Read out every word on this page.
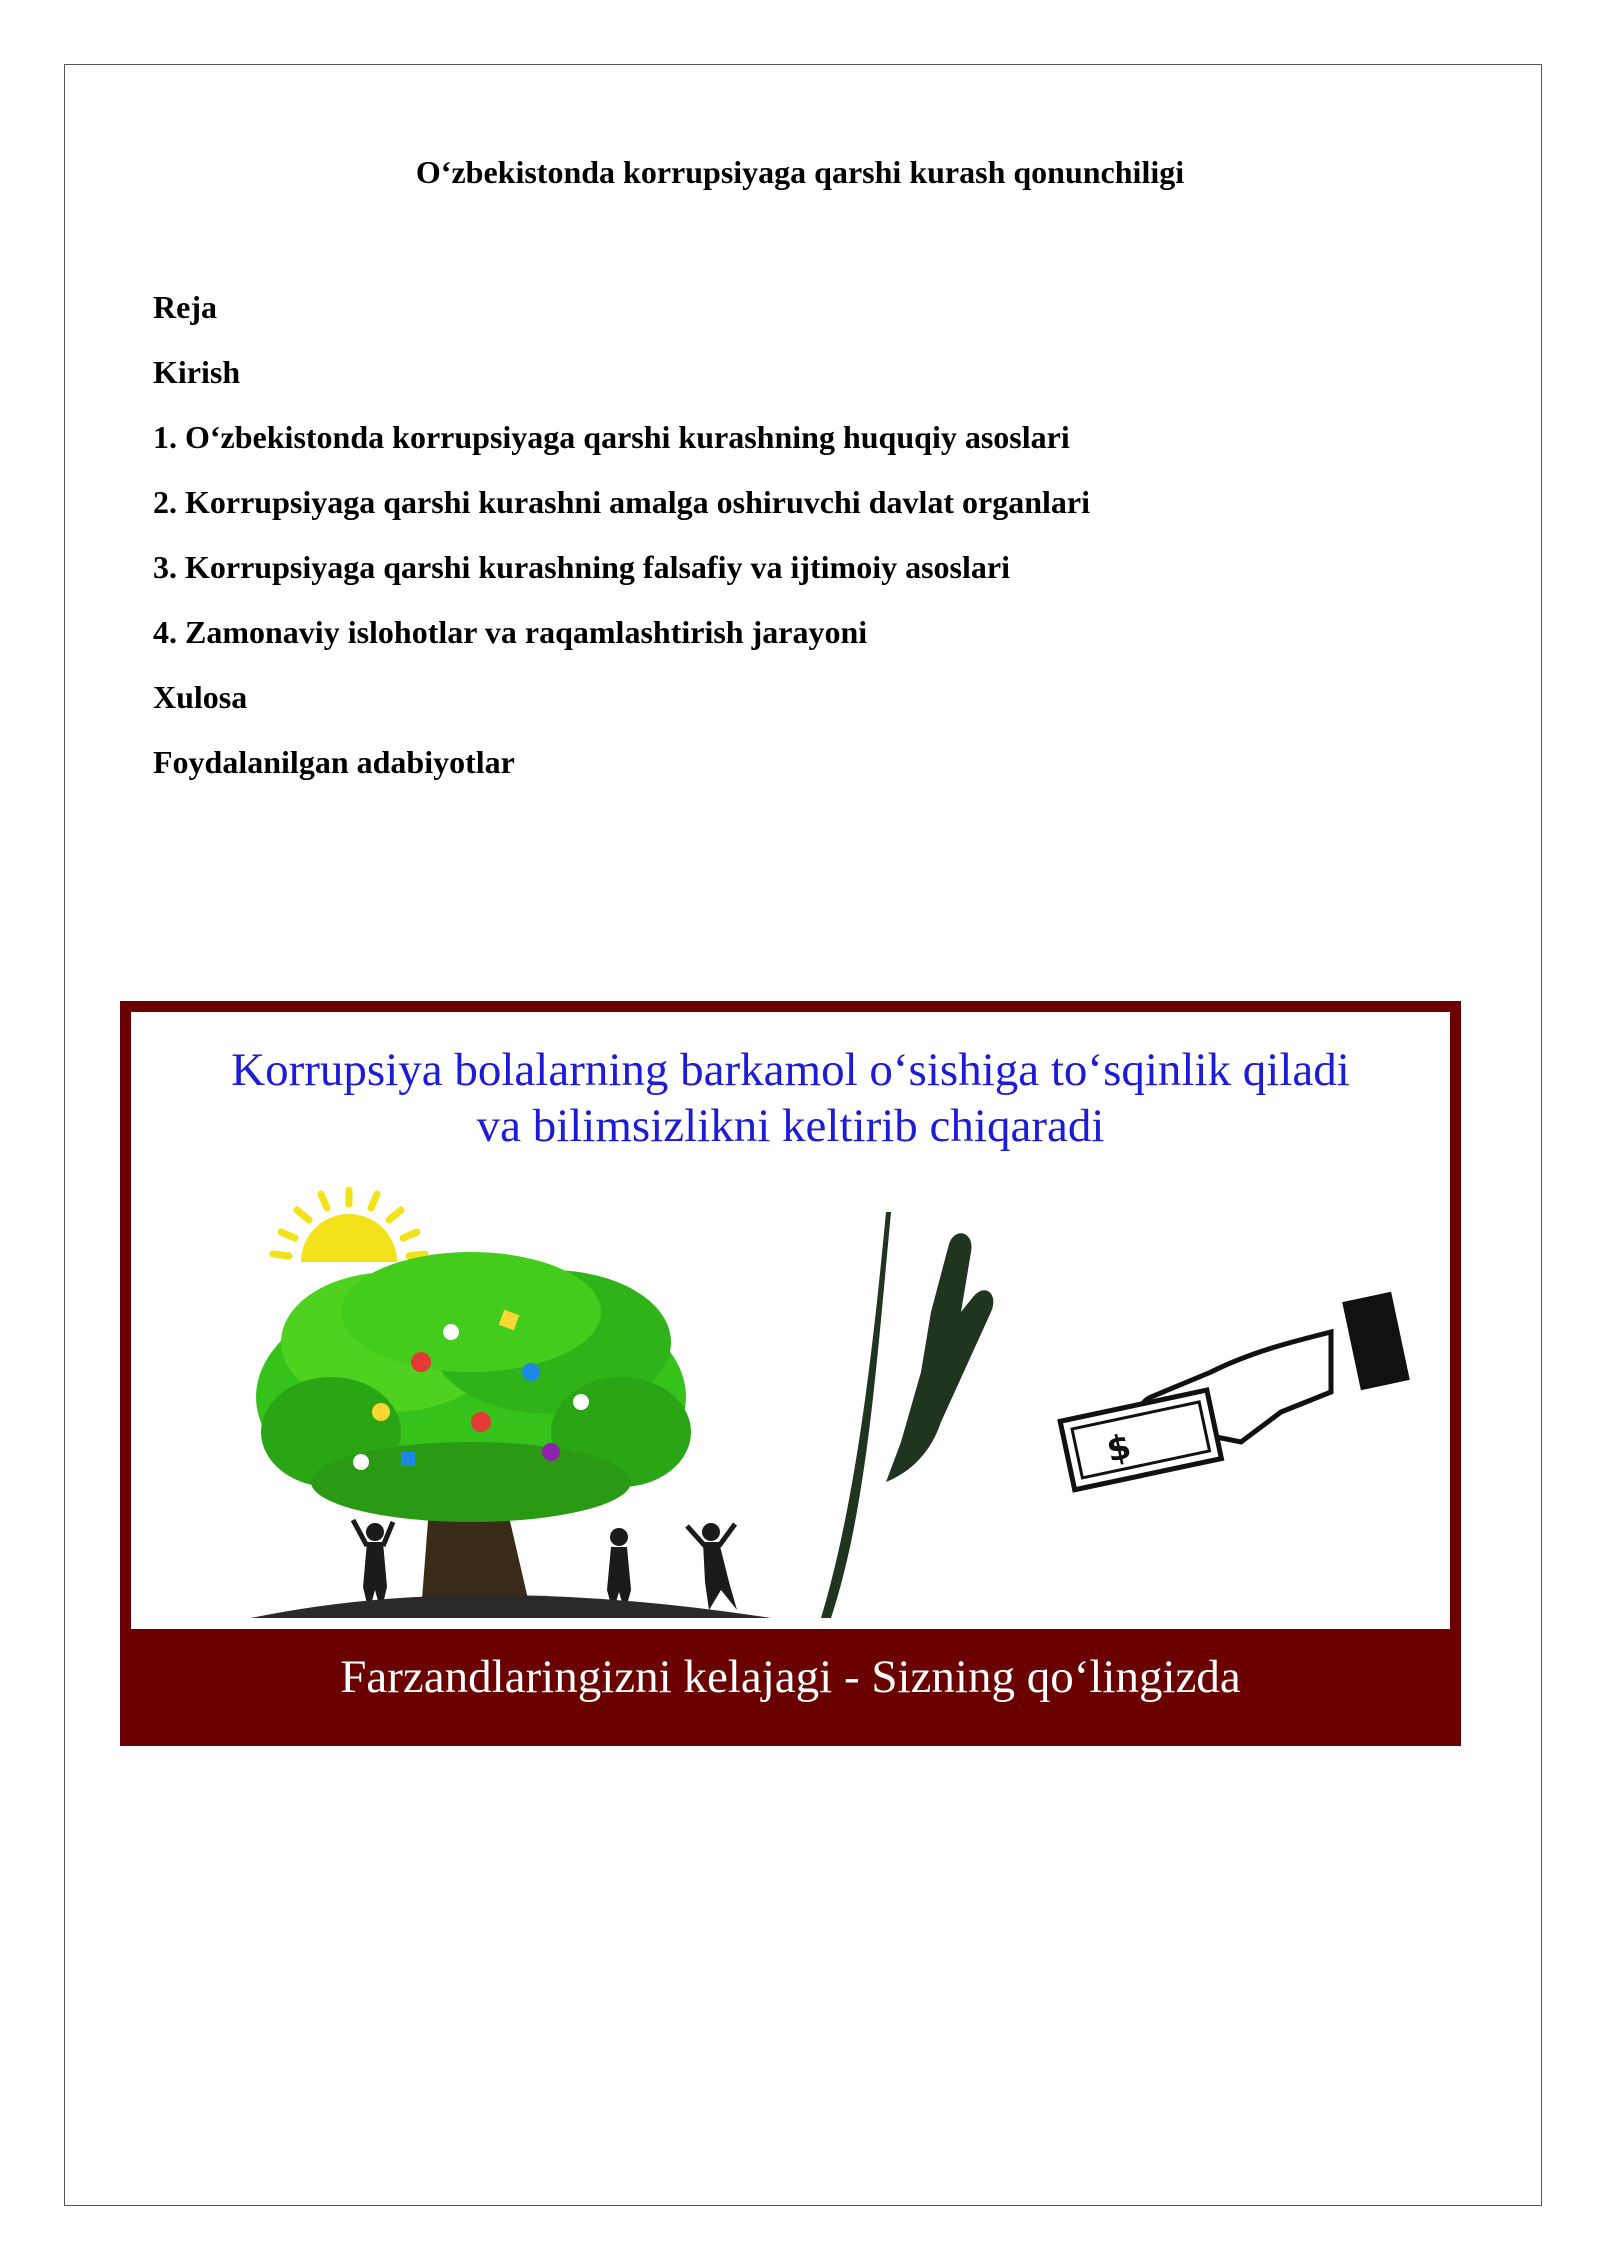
O‘zbekistonda korrupsiyaga qarshi kurash qonunchiligi
Reja
Kirish
1. O‘zbekistonda korrupsiyaga qarshi kurashning huquqiy asoslari
2. Korrupsiyaga qarshi kurashni amalga oshiruvchi davlat organlari
3. Korrupsiyaga qarshi kurashning falsafiy va ijtimoiy asoslari
4. Zamonaviy islohotlar va raqamlashtirish jarayoni
Xulosa
Foydalanilgan adabiyotlar
Korrupsiya bolalarning barkamol o‘sishiga to‘sqinlik qiladi
va bilimsizlikni keltirib chiqaradi
$
Farzandlaringizni kelajagi - Sizning qo‘lingizda
